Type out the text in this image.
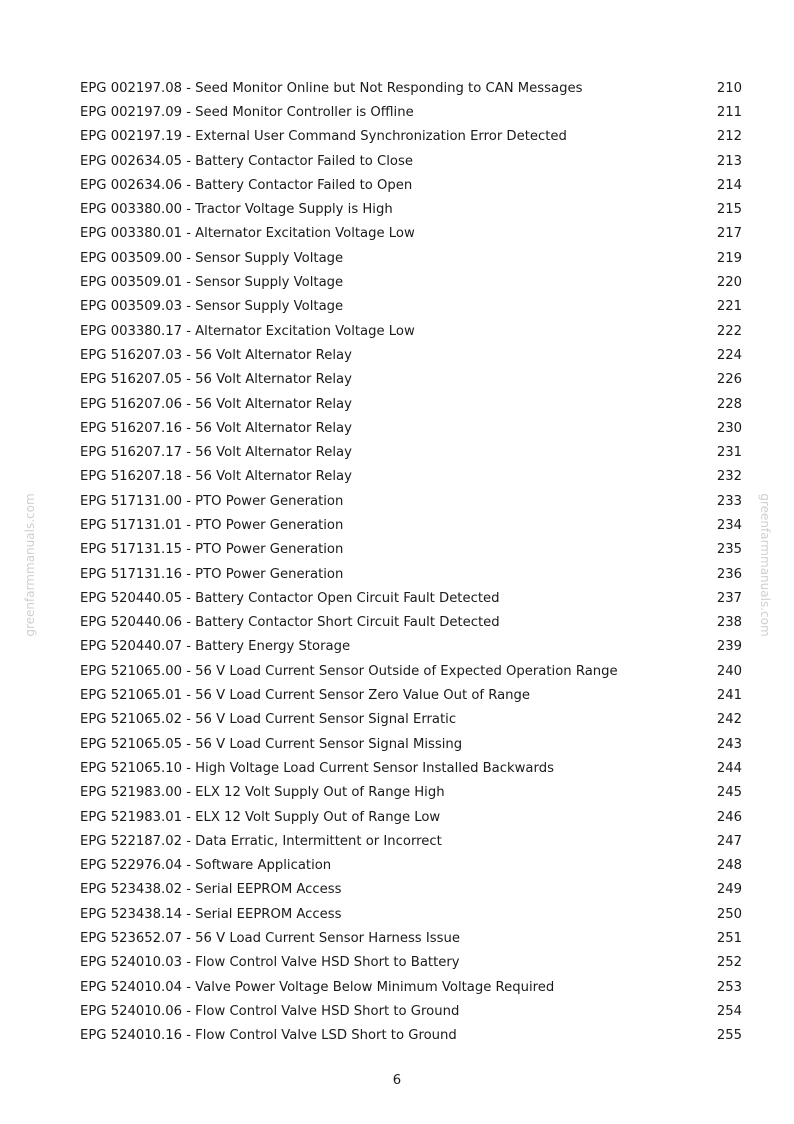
greenfarmmanuals.com	greenfarmmanuals.com
EPG 002197.08 - Seed Monitor Online but Not Responding to CAN Messages	210
EPG 002197.09 - Seed Monitor Controller is Offline	211
EPG 002197.19 - External User Command Synchronization Error Detected	212
EPG 002634.05 - Battery Contactor Failed to Close	213
EPG 002634.06 - Battery Contactor Failed to Open	214
EPG 003380.00 - Tractor Voltage Supply is High	215
EPG 003380.01 - Alternator Excitation Voltage Low	217
EPG 003509.00 - Sensor Supply Voltage	219
EPG 003509.01 - Sensor Supply Voltage	220
EPG 003509.03 - Sensor Supply Voltage	221
EPG 003380.17 - Alternator Excitation Voltage Low	222
EPG 516207.03 - 56 Volt Alternator Relay	224
EPG 516207.05 - 56 Volt Alternator Relay	226
EPG 516207.06 - 56 Volt Alternator Relay	228
EPG 516207.16 - 56 Volt Alternator Relay	230
EPG 516207.17 - 56 Volt Alternator Relay	231
EPG 516207.18 - 56 Volt Alternator Relay	232
EPG 517131.00 - PTO Power Generation	233
EPG 517131.01 - PTO Power Generation	234
EPG 517131.15 - PTO Power Generation	235
EPG 517131.16 - PTO Power Generation	236
EPG 520440.05 - Battery Contactor Open Circuit Fault Detected	237
EPG 520440.06 - Battery Contactor Short Circuit Fault Detected	238
EPG 520440.07 - Battery Energy Storage	239
EPG 521065.00 - 56 V Load Current Sensor Outside of Expected Operation Range	240
EPG 521065.01 - 56 V Load Current Sensor Zero Value Out of Range	241
EPG 521065.02 - 56 V Load Current Sensor Signal Erratic	242
EPG 521065.05 - 56 V Load Current Sensor Signal Missing	243
EPG 521065.10 - High Voltage Load Current Sensor Installed Backwards	244
EPG 521983.00 - ELX 12 Volt Supply Out of Range High	245
EPG 521983.01 - ELX 12 Volt Supply Out of Range Low	246
EPG 522187.02 - Data Erratic, Intermittent or Incorrect	247
EPG 522976.04 - Software Application	248
EPG 523438.02 - Serial EEPROM Access	249
EPG 523438.14 - Serial EEPROM Access	250
EPG 523652.07 - 56 V Load Current Sensor Harness Issue	251
EPG 524010.03 - Flow Control Valve HSD Short to Battery	252
EPG 524010.04 - Valve Power Voltage Below Minimum Voltage Required	253
EPG 524010.06 - Flow Control Valve HSD Short to Ground	254
EPG 524010.16 - Flow Control Valve LSD Short to Ground	255
6
